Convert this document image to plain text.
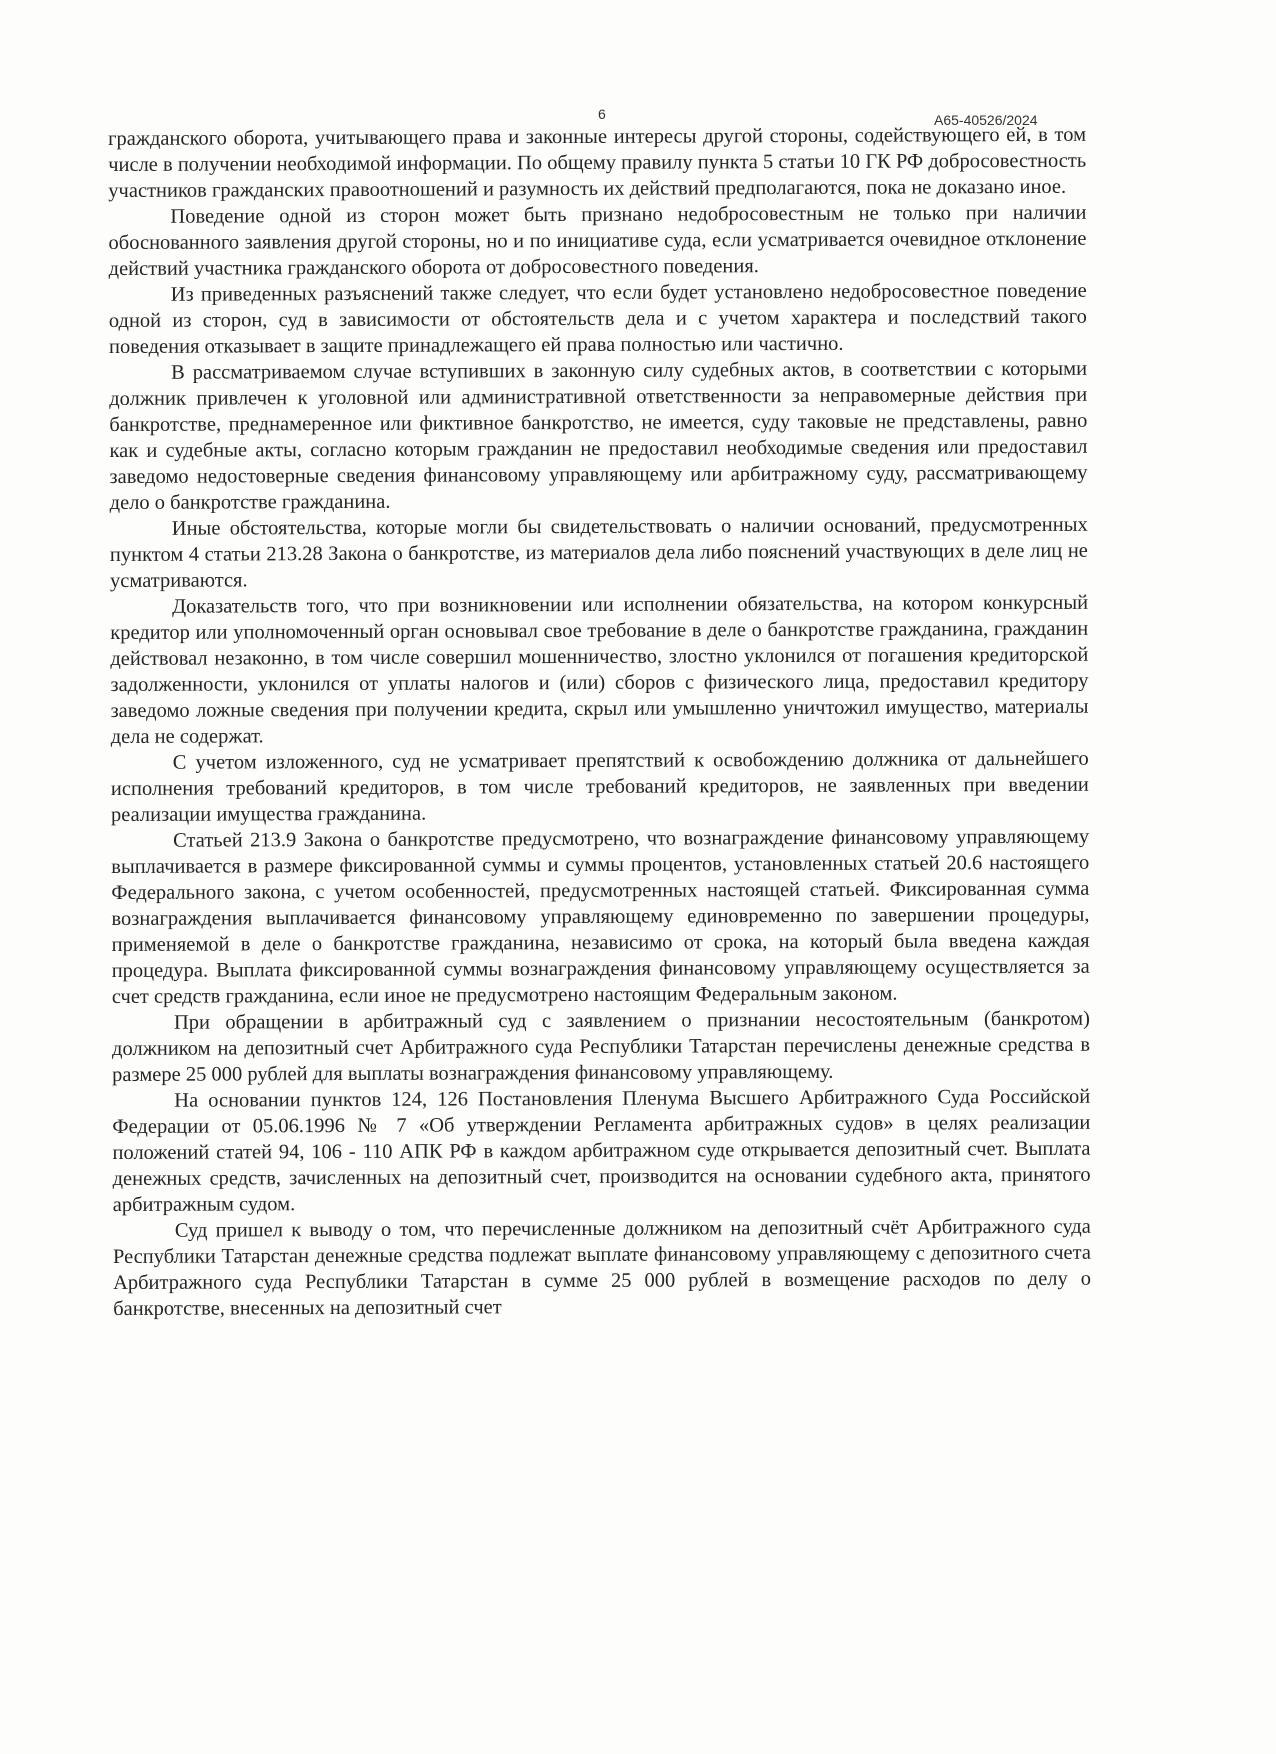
6	А65-40526/2024

гражданского оборота, учитывающего права и законные интересы другой стороны, содействующего ей, в том числе в получении необходимой информации. По общему правилу пункта 5 статьи 10 ГК РФ добросовестность участников гражданских правоотношений и разумность их действий предполагаются, пока не доказано иное.

Поведение одной из сторон может быть признано недобросовестным не только при наличии обоснованного заявления другой стороны, но и по инициативе суда, если усматривается очевидное отклонение действий участника гражданского оборота от добросовестного поведения.

Из приведенных разъяснений также следует, что если будет установлено недобросовестное поведение одной из сторон, суд в зависимости от обстоятельств дела и с учетом характера и последствий такого поведения отказывает в защите принадлежащего ей права полностью или частично.

В рассматриваемом случае вступивших в законную силу судебных актов, в соответствии с которыми должник привлечен к уголовной или административной ответственности за неправомерные действия при банкротстве, преднамеренное или фиктивное банкротство, не имеется, суду таковые не представлены, равно как и судебные акты, согласно которым гражданин не предоставил необходимые сведения или предоставил заведомо недостоверные сведения финансовому управляющему или арбитражному суду, рассматривающему дело о банкротстве гражданина.

Иные обстоятельства, которые могли бы свидетельствовать о наличии оснований, предусмотренных пунктом 4 статьи 213.28 Закона о банкротстве, из материалов дела либо пояснений участвующих в деле лиц не усматриваются.

Доказательств того, что при возникновении или исполнении обязательства, на котором конкурсный кредитор или уполномоченный орган основывал свое требование в деле о банкротстве гражданина, гражданин действовал незаконно, в том числе совершил мошенничество, злостно уклонился от погашения кредиторской задолженности, уклонился от уплаты налогов и (или) сборов с физического лица, предоставил кредитору заведомо ложные сведения при получении кредита, скрыл или умышленно уничтожил имущество, материалы дела не содержат.

С учетом изложенного, суд не усматривает препятствий к освобождению должника от дальнейшего исполнения требований кредиторов, в том числе требований кредиторов, не заявленных при введении реализации имущества гражданина.

Статьей 213.9 Закона о банкротстве предусмотрено, что вознаграждение финансовому управляющему выплачивается в размере фиксированной суммы и суммы процентов, установленных статьей 20.6 настоящего Федерального закона, с учетом особенностей, предусмотренных настоящей статьей. Фиксированная сумма вознаграждения выплачивается финансовому управляющему единовременно по завершении процедуры, применяемой в деле о банкротстве гражданина, независимо от срока, на который была введена каждая процедура. Выплата фиксированной суммы вознаграждения финансовому управляющему осуществляется за счет средств гражданина, если иное не предусмотрено настоящим Федеральным законом.

При обращении в арбитражный суд с заявлением о признании несостоятельным (банкротом) должником на депозитный счет Арбитражного суда Республики Татарстан перечислены денежные средства в размере 25 000 рублей для выплаты вознаграждения финансовому управляющему.

На основании пунктов 124, 126 Постановления Пленума Высшего Арбитражного Суда Российской Федерации от 05.06.1996 № 7 «Об утверждении Регламента арбитражных судов» в целях реализации положений статей 94, 106 - 110 АПК РФ в каждом арбитражном суде открывается депозитный счет. Выплата денежных средств, зачисленных на депозитный счет, производится на основании судебного акта, принятого арбитражным судом.

Суд пришел к выводу о том, что перечисленные должником на депозитный счёт Арбитражного суда Республики Татарстан денежные средства подлежат выплате финансовому управляющему с депозитного счета Арбитражного суда Республики Татарстан в сумме 25 000 рублей в возмещение расходов по делу о банкротстве, внесенных на депозитный счет
